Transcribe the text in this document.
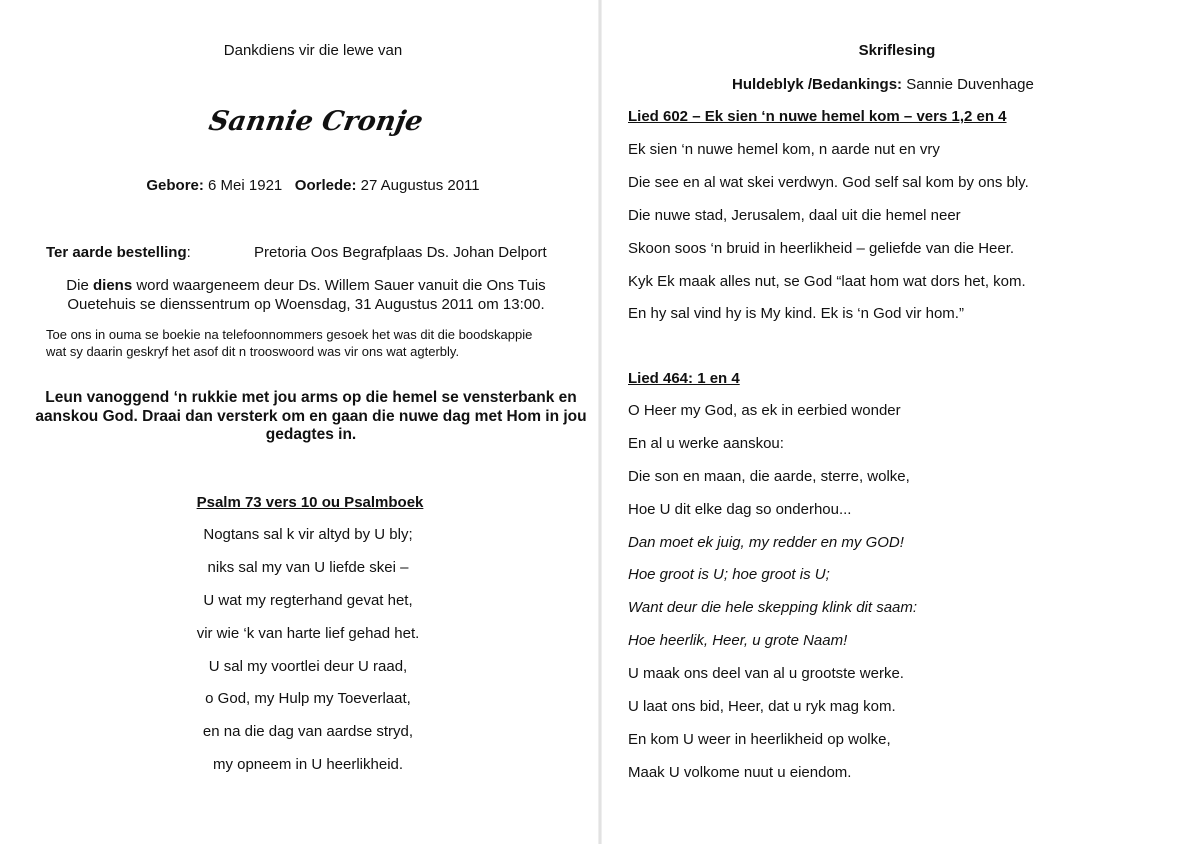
Dankdiens vir die lewe van
Sannie Cronje
Gebore: 6 Mei 1921 Oorlede: 27 Augustus 2011
Ter aarde bestelling:	Pretoria Oos Begrafplaas Ds. Johan Delport
Die diens word waargeneem deur Ds. Willem Sauer vanuit die Ons Tuis Ouetehuis se dienssentrum op Woensdag, 31 Augustus 2011 om 13:00.
Toe ons in ouma se boekie na telefoonnommers gesoek het was dit die boodskappie wat sy daarin geskryf het asof dit n trooswoord was vir ons wat agterbly.
Leun vanoggend ‘n rukkie met jou arms op die hemel se vensterbank en aanskou God. Draai dan versterk om en gaan die nuwe dag met Hom in jou gedagtes in.
Psalm 73 vers 10 ou Psalmboek
Nogtans sal k vir altyd by U bly;
niks sal my van U liefde skei –
U wat my regterhand gevat het,
vir wie ‘k van harte lief gehad het.
U sal my voortlei deur U raad,
o God, my Hulp my Toeverlaat,
en na die dag van aardse stryd,
my opneem in U heerlikheid.
Skriflesing
Huldeblyk /Bedankings: Sannie Duvenhage
Lied 602 – Ek sien ‘n nuwe hemel kom – vers 1,2 en 4
Ek sien ‘n nuwe hemel kom, n aarde nut en vry
Die see en al wat skei verdwyn. God self sal kom by ons bly.
Die nuwe stad, Jerusalem, daal uit die hemel neer
Skoon soos ‘n bruid in heerlikheid – geliefde van die Heer.
Kyk Ek maak alles nut, se God “laat hom wat dors het, kom.
En hy sal vind hy is My kind. Ek is ‘n God vir hom.”
Lied 464: 1 en 4
O Heer my God, as ek in eerbied wonder
En al u werke aanskou:
Die son en maan, die aarde, sterre, wolke,
Hoe U dit elke dag so onderhou...
Dan moet ek juig, my redder en my GOD!
Hoe groot is U; hoe groot is U;
Want deur die hele skepping klink dit saam:
Hoe heerlik, Heer, u grote Naam!
U maak ons deel van al u grootste werke.
U laat ons bid, Heer, dat u ryk mag kom.
En kom U weer in heerlikheid op wolke,
Maak U volkome nuut u eiendom.
